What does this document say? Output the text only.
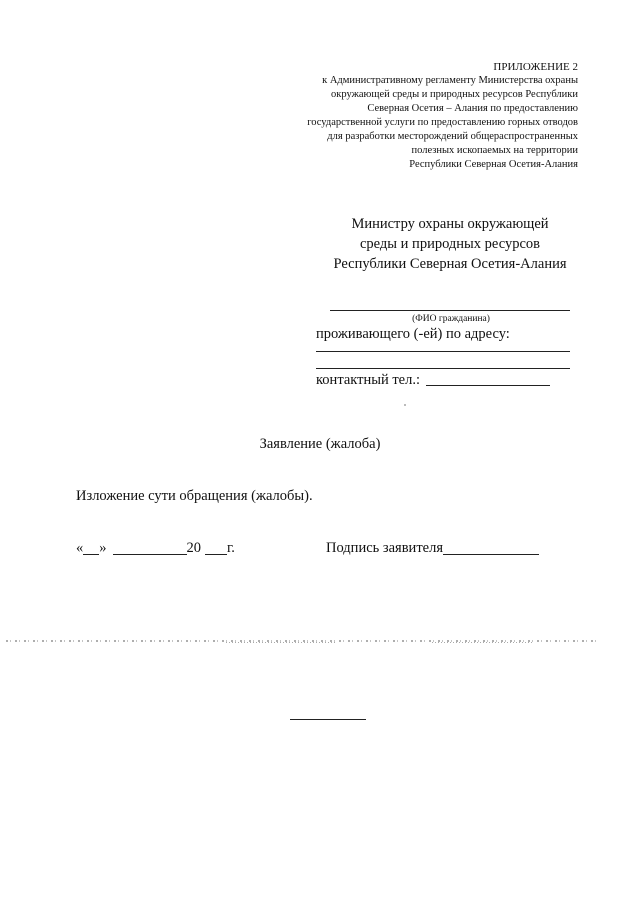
ПРИЛОЖЕНИЕ 2
к Административному регламенту Министерства охраны
окружающей среды и природных ресурсов Республики
Северная Осетия – Алания по предоставлению
государственной услуги по предоставлению горных отводов
для разработки месторождений общераспространенных
полезных ископаемых на территории
Республики Северная Осетия-Алания
Министру охраны окружающей
среды и природных ресурсов
Республики Северная Осетия-Алания
(ФИО гражданина)
проживающего (-ей) по адресу:
контактный тел.:
Заявление (жалоба)
Изложение сути обращения (жалобы).
« »	20 г.	Подпись заявителя
